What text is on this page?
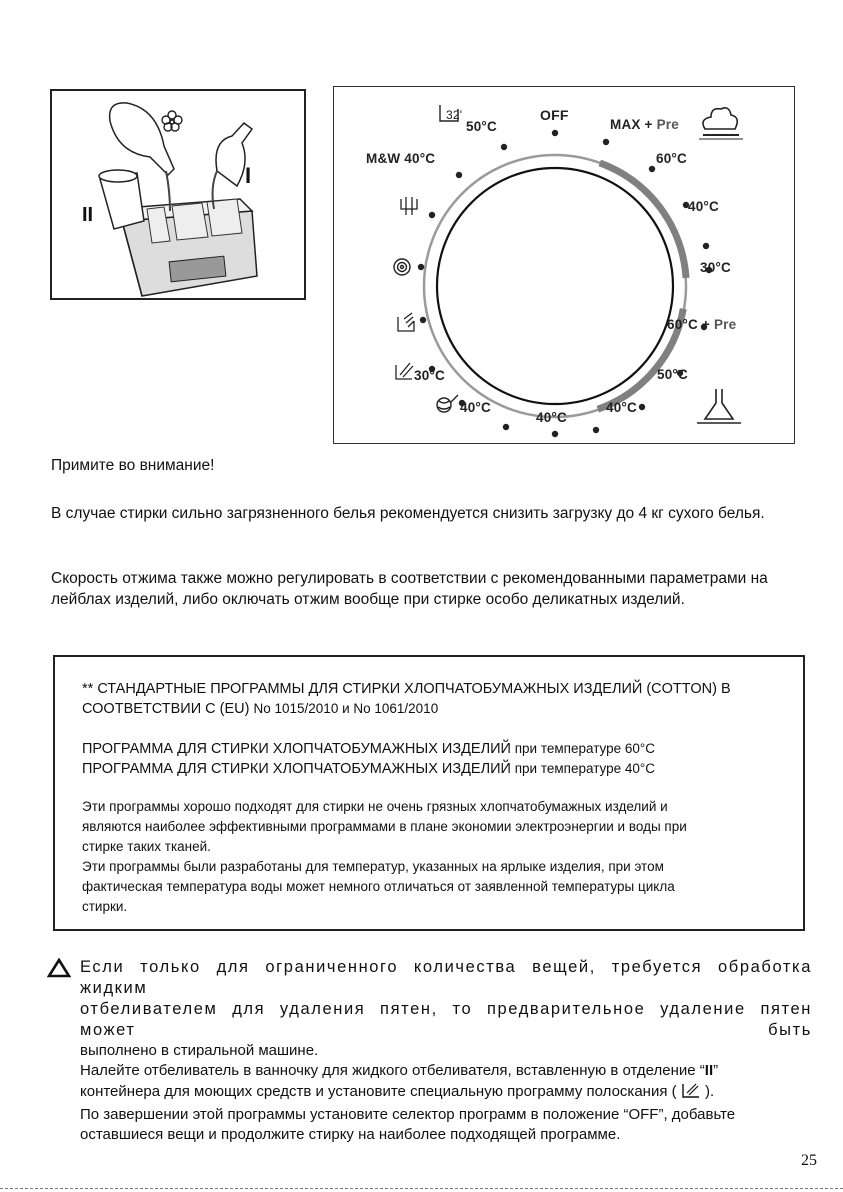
I
II
OFF
MAX + Pre
60°C
40°C
30°C
60°C + Pre
50°C
40°C
40°C
40°C
30°C
M&W 40°C
32'
50°C
Примите во внимание!
В случае стирки сильно загрязненного белья рекомендуется снизить загрузку до 4 кг сухого белья.
Скорость отжима также можно регулировать в соответствии с рекомендованными параметрами на лейблах изделий, либо оключать отжим вообще при стирке особо деликатных изделий.
** СТАНДАРТНЫЕ ПРОГРАММЫ ДЛЯ СТИРКИ ХЛОПЧАТОБУМАЖНЫХ ИЗДЕЛИЙ (COTTON) В
СООТВЕТСТВИИ С (EU) No 1015/2010 и No 1061/2010
ПРОГРАММА ДЛЯ СТИРКИ ХЛОПЧАТОБУМАЖНЫХ ИЗДЕЛИЙ при температуре 60°C
ПРОГРАММА ДЛЯ СТИРКИ ХЛОПЧАТОБУМАЖНЫХ ИЗДЕЛИЙ при температуре 40°C
Эти программы хорошо подходят для стирки не очень грязных хлопчатобумажных изделий и
являются наиболее эффективными программами в плане экономии электроэнергии и воды при
стирке таких тканей.
Эти программы были разработаны для температур, указанных на ярлыке изделия, при этом
фактическая температура воды может немного отличаться от заявленной температуры цикла
стирки.
Если только для ограниченного количества вещей, требуется обработка жидким
отбеливателем для удаления пятен, то предварительное удаление пятен может быть
выполнено в стиральной машине.
Налейте отбеливатель в ванночку для жидкого отбеливателя, вставленную в отделение “II”
контейнера для моющих средств и установите специальную программу полоскания (  ).
По завершении этой программы установите селектор программ в положение “OFF”, добавьте
оставшиеся вещи и продолжите стирку на наиболее подходящей программе.
25
